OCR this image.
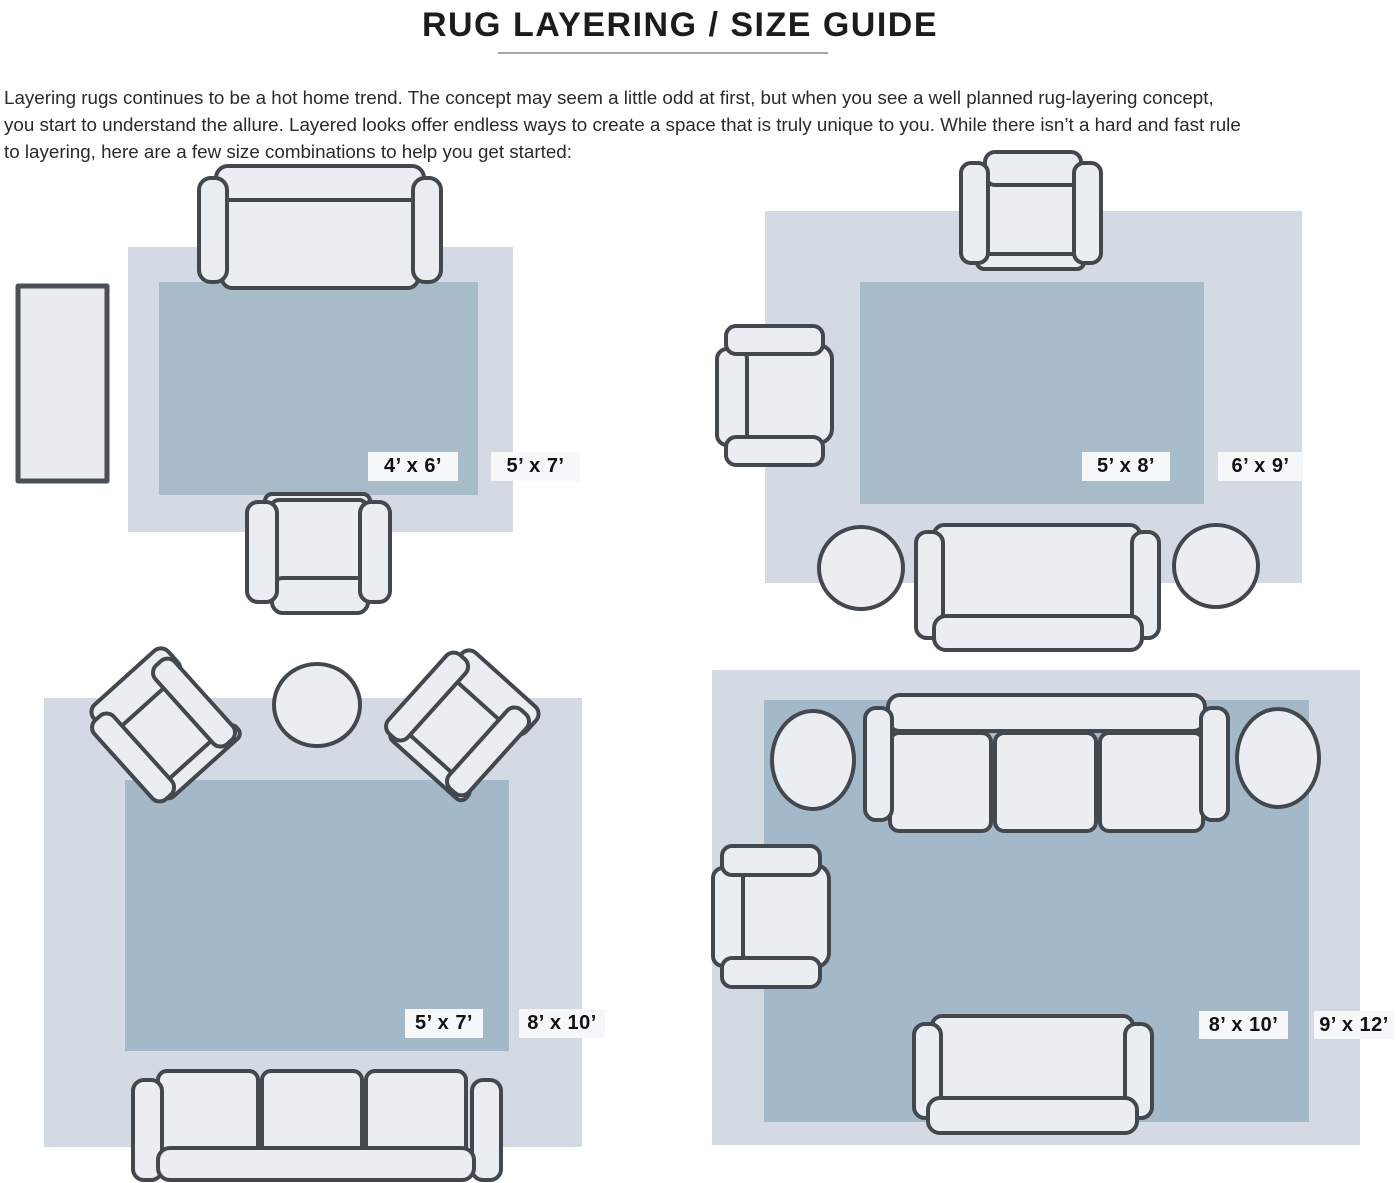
RUG LAYERING / SIZE GUIDE
Layering rugs continues to be a hot home trend. The concept may seem a little odd at first, but when you see a well planned rug-layering concept,
you start to understand the allure. Layered looks offer endless ways to create a space that is truly unique to you. While there isn’t a hard and fast rule
to layering, here are a few size combinations to help you get started:
4’ x 6’	5’ x 7’	5’ x 8’	6’ x 9’
5’ x 7’	8’ x 10’	8’ x 10’	9’ x 12’
